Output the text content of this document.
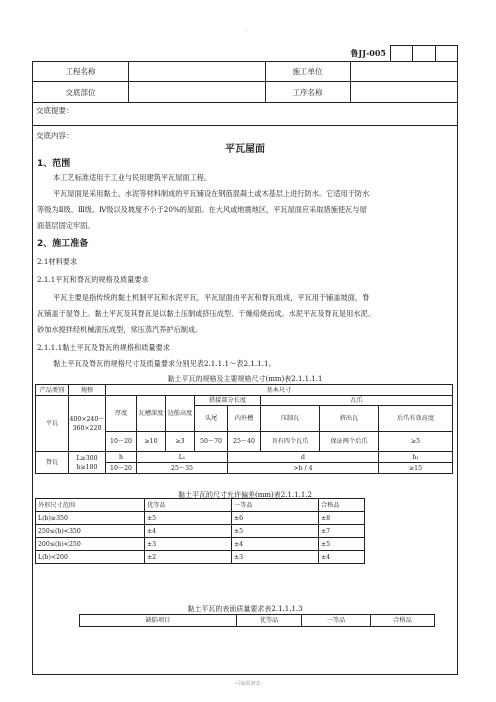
·
鲁JJ-005
工程名称	施工单位
交底部位	工序名称
交底提要：
交底内容：
平瓦屋面
1、范围
本工艺标准适用于工业与民用建筑平瓦屋面工程。
平瓦屋面是采用黏土、水泥等材料制成的平瓦铺设在钢筋混凝土或木基层上进行防水。它适用于防水
等级为Ⅱ级、Ⅲ级、Ⅳ级以及坡度不小于20%的屋面。在大风或地震地区，平瓦屋面应采取措施使瓦与屋
面基层固定牢固。
2、施工准备
2.1材料要求
2.1.1平瓦和脊瓦的规格及质量要求
平瓦主要是指传统的黏土机制平瓦和水泥平瓦，平瓦屋面由平瓦和脊瓦组成，平瓦用于铺盖坡面，脊
瓦铺盖于屋脊上。黏土平瓦及其脊瓦是以黏土压制或挤压成型、干燥焙烧而成。水泥平瓦及脊瓦是用水泥、
砂加水搅拌经机械滚压成型，常压蒸汽养护后制成。
2.1.1.1黏土平瓦及脊瓦的规格和质量要求
黏土平瓦及脊瓦的规格尺寸及质量要求分别见表2.1.1.1～表2.1.1.1。
黏土平瓦的规格及主要规格尺寸(mm)表2.1.1.1.1
产品类别	规格	基本尺寸							
平瓦	400×240～360×220	厚度	瓦槽深度	边筋高度	搭接部分长度		瓦爪		
					头尾	内外槽	压制瓦	挤出瓦	后爪有效高度
		10～20	≥10	≥3	50～70	25～40	具有四个瓦爪	保证两个后爪	≥5
脊瓦	L≥300 b≥180	h	L₁			d			h₁
		10～20	25～35			>b / 4			≥15
黏土平瓦的尺寸允许偏差(mm)表2.1.1.1.2
外形尺寸范围	优等品	一等品	合格品
L(b)≥350	±5	±6	±8
250≤(b)<350	±4	±5	±7
200≤(b)<250	±3	±4	±5
L(b)<200	±2	±3	±4
黏土平瓦的表面质量要求表2.1.1.1.3
缺陷项目	优等品	一等品	合格品
-可编辑修改-
